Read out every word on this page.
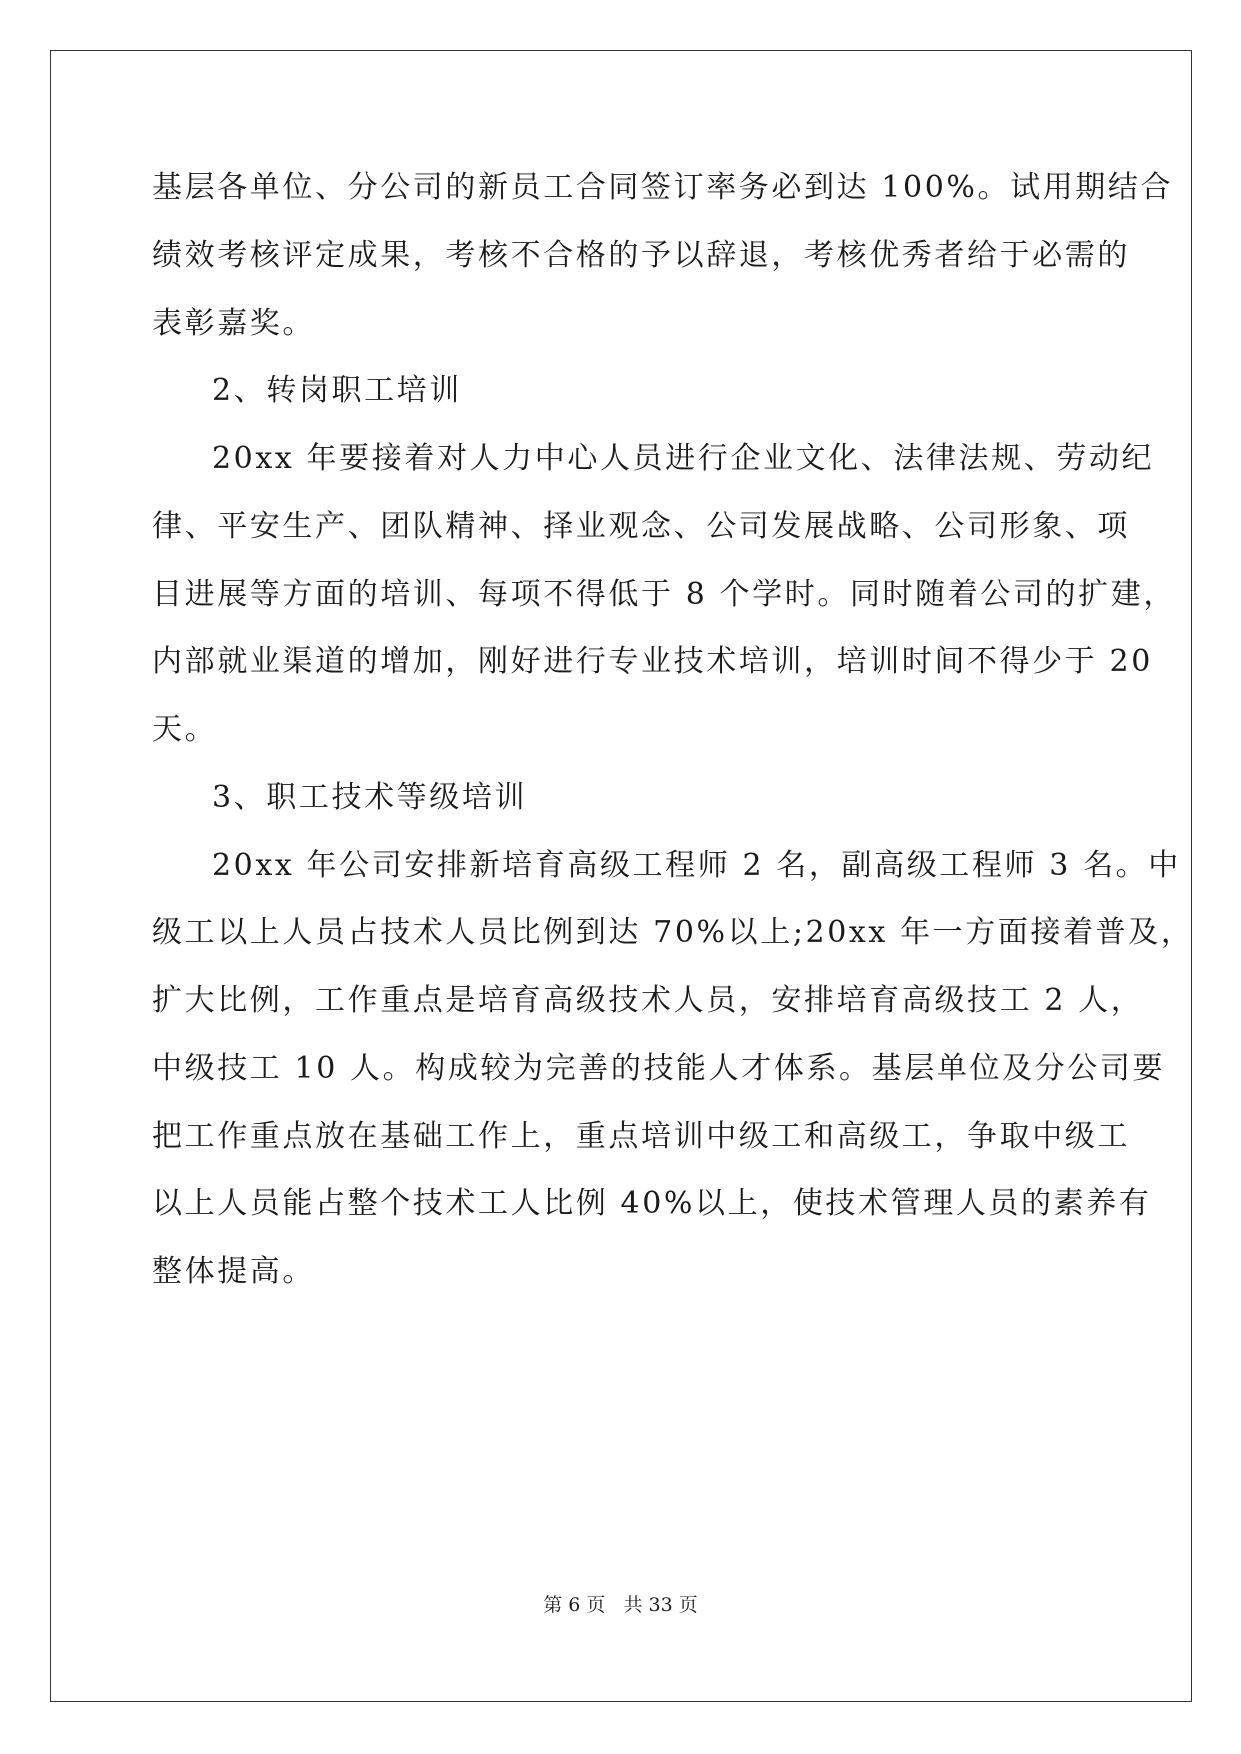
基层各单位、分公司的新员工合同签订率务必到达 100%。试用期结合
绩效考核评定成果，考核不合格的予以辞退，考核优秀者给于必需的
表彰嘉奖。
2、转岗职工培训
20xx 年要接着对人力中心人员进行企业文化、法律法规、劳动纪
律、平安生产、团队精神、择业观念、公司发展战略、公司形象、项
目进展等方面的培训、每项不得低于 8 个学时。同时随着公司的扩建，
内部就业渠道的增加，刚好进行专业技术培训，培训时间不得少于 20
天。
3、职工技术等级培训
20xx 年公司安排新培育高级工程师 2 名，副高级工程师 3 名。中
级工以上人员占技术人员比例到达 70%以上;20xx 年一方面接着普及，
扩大比例，工作重点是培育高级技术人员，安排培育高级技工 2 人，
中级技工 10 人。构成较为完善的技能人才体系。基层单位及分公司要
把工作重点放在基础工作上，重点培训中级工和高级工，争取中级工
以上人员能占整个技术工人比例 40%以上，使技术管理人员的素养有
整体提高。
第 6 页   共 33 页
